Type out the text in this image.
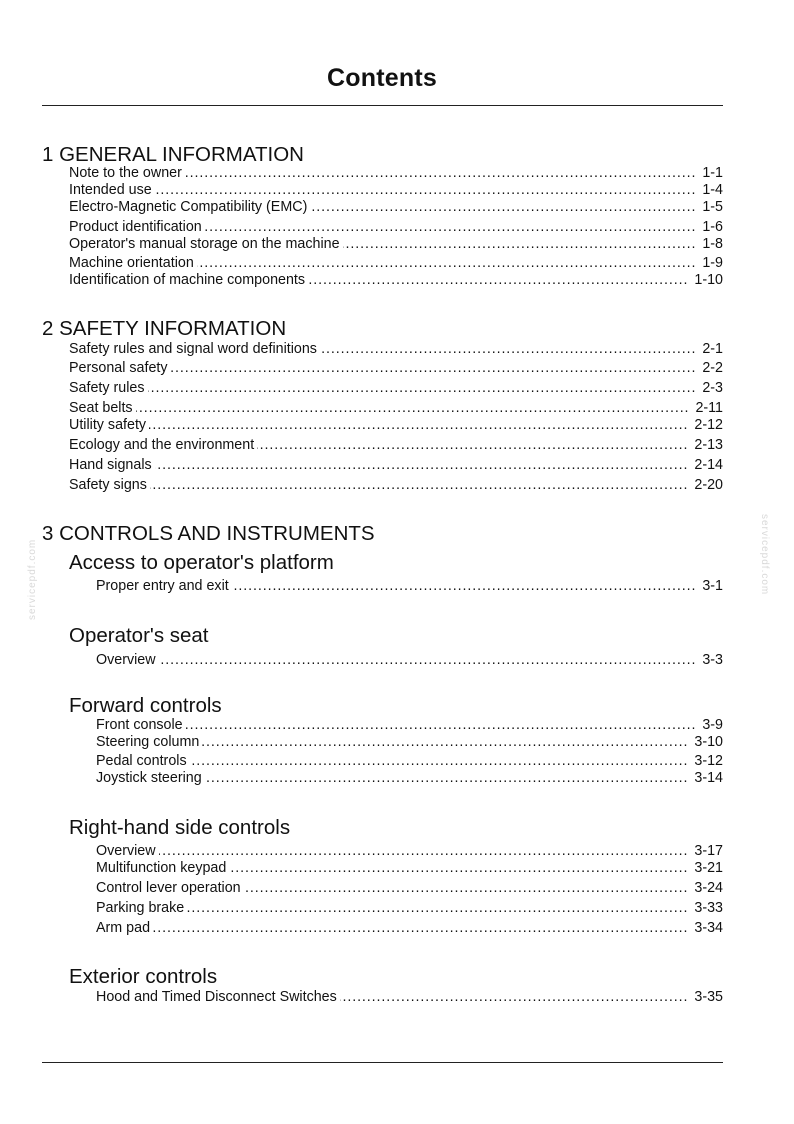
Contents
1 GENERAL INFORMATION
Note to the owner .....	1-1
Intended use .....	1-4
Electro-Magnetic Compatibility (EMC) .....	1-5
Product identification .....	1-6
Operator's manual storage on the machine .....	1-8
Machine orientation .....	1-9
Identification of machine components .....	1-10
2 SAFETY INFORMATION
Safety rules and signal word definitions .....	2-1
Personal safety .....	2-2
Safety rules .....	2-3
Seat belts .....	2-11
Utility safety .....	2-12
Ecology and the environment .....	2-13
Hand signals .....	2-14
Safety signs .....	2-20
3 CONTROLS AND INSTRUMENTS
Access to operator's platform
Proper entry and exit .....	3-1
Operator's seat
Overview .....	3-3
Forward controls
Front console .....	3-9
Steering column .....	3-10
Pedal controls .....	3-12
Joystick steering .....	3-14
Right-hand side controls
Overview .....	3-17
Multifunction keypad .....	3-21
Control lever operation .....	3-24
Parking brake .....	3-33
Arm pad .....	3-34
Exterior controls
Hood and Timed Disconnect Switches .....	3-35
servicepdf.com	servicepdf.com
